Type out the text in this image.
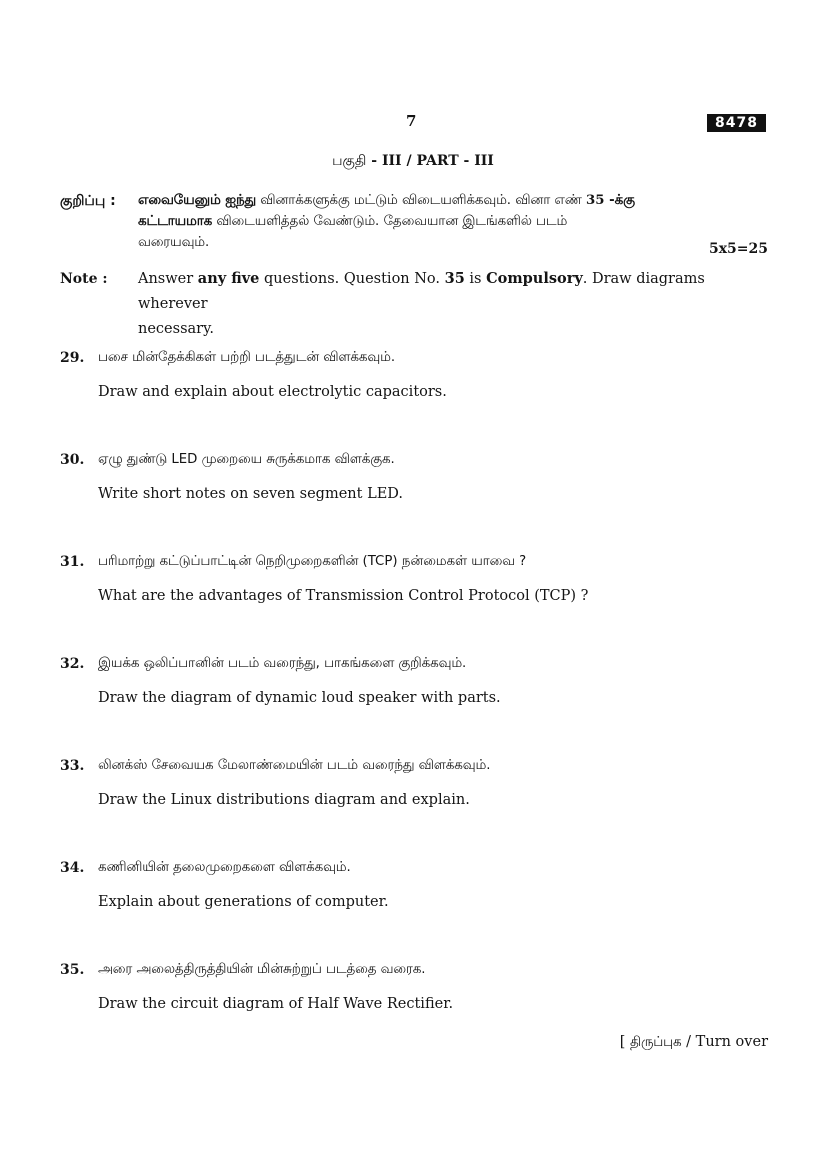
7	8478
பகுதி - III / PART - III
குறிப்பு : எவையேனும் ஐந்து வினாக்களுக்கு மட்டும் விடையளிக்கவும். வினா எண் 35 -க்கு
கட்டாயமாக விடையளித்தல் வேண்டும். தேவையான இடங்களில் படம்
வரையவும்.	5x5=25
Note : Answer any five questions. Question No. 35 is Compulsory. Draw diagrams wherever
necessary.
29. பசை மின்தேக்கிகள் பற்றி படத்துடன் விளக்கவும்.
Draw and explain about electrolytic capacitors.
30. ஏழு துண்டு LED முறையை சுருக்கமாக விளக்குக.
Write short notes on seven segment LED.
31. பரிமாற்று கட்டுப்பாட்டின் நெறிமுறைகளின் (TCP) நன்மைகள் யாவை ?
What are the advantages of Transmission Control Protocol (TCP) ?
32. இயக்க ஒலிப்பானின் படம் வரைந்து, பாகங்களை குறிக்கவும்.
Draw the diagram of dynamic loud speaker with parts.
33. லினக்ஸ் சேவையக மேலாண்மையின் படம் வரைந்து விளக்கவும்.
Draw the Linux distributions diagram and explain.
34. கணினியின் தலைமுறைகளை விளக்கவும்.
Explain about generations of computer.
35. அரை அலைத்திருத்தியின் மின்சுற்றுப் படத்தை வரைக.
Draw the circuit diagram of Half Wave Rectifier.
[ திருப்புக / Turn over
